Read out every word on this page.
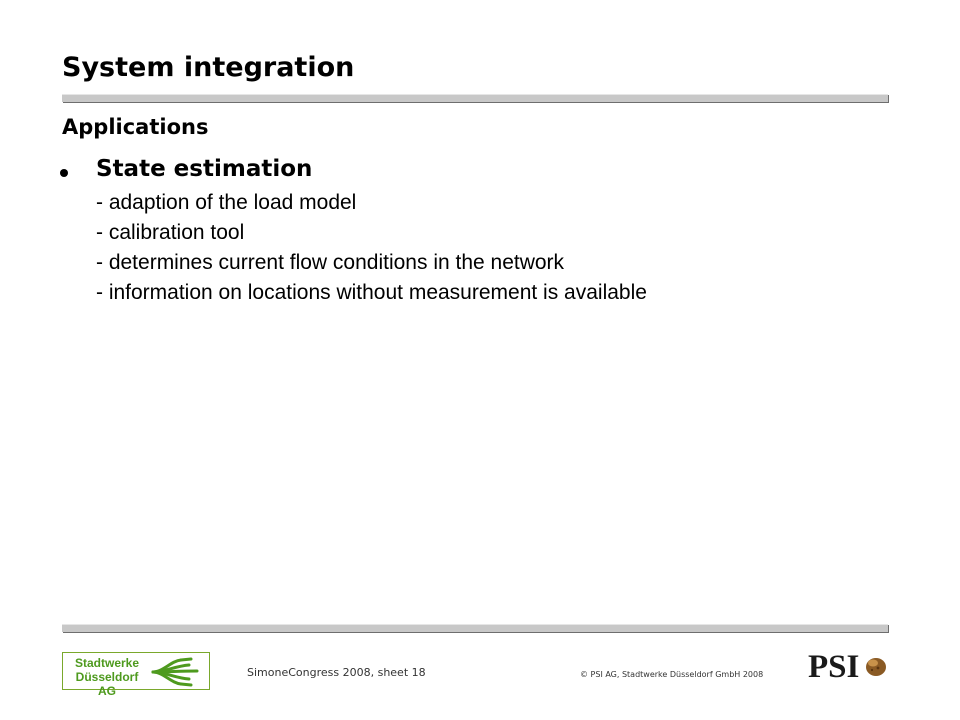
System integration
Applications
State estimation
- adaption of the load model
- calibration tool
- determines current flow conditions in the network
- information on locations without measurement is available
Stadtwerke
Düsseldorf AG
SimoneCongress 2008, sheet 18	© PSI AG, Stadtwerke Düsseldorf GmbH 2008	PSI
